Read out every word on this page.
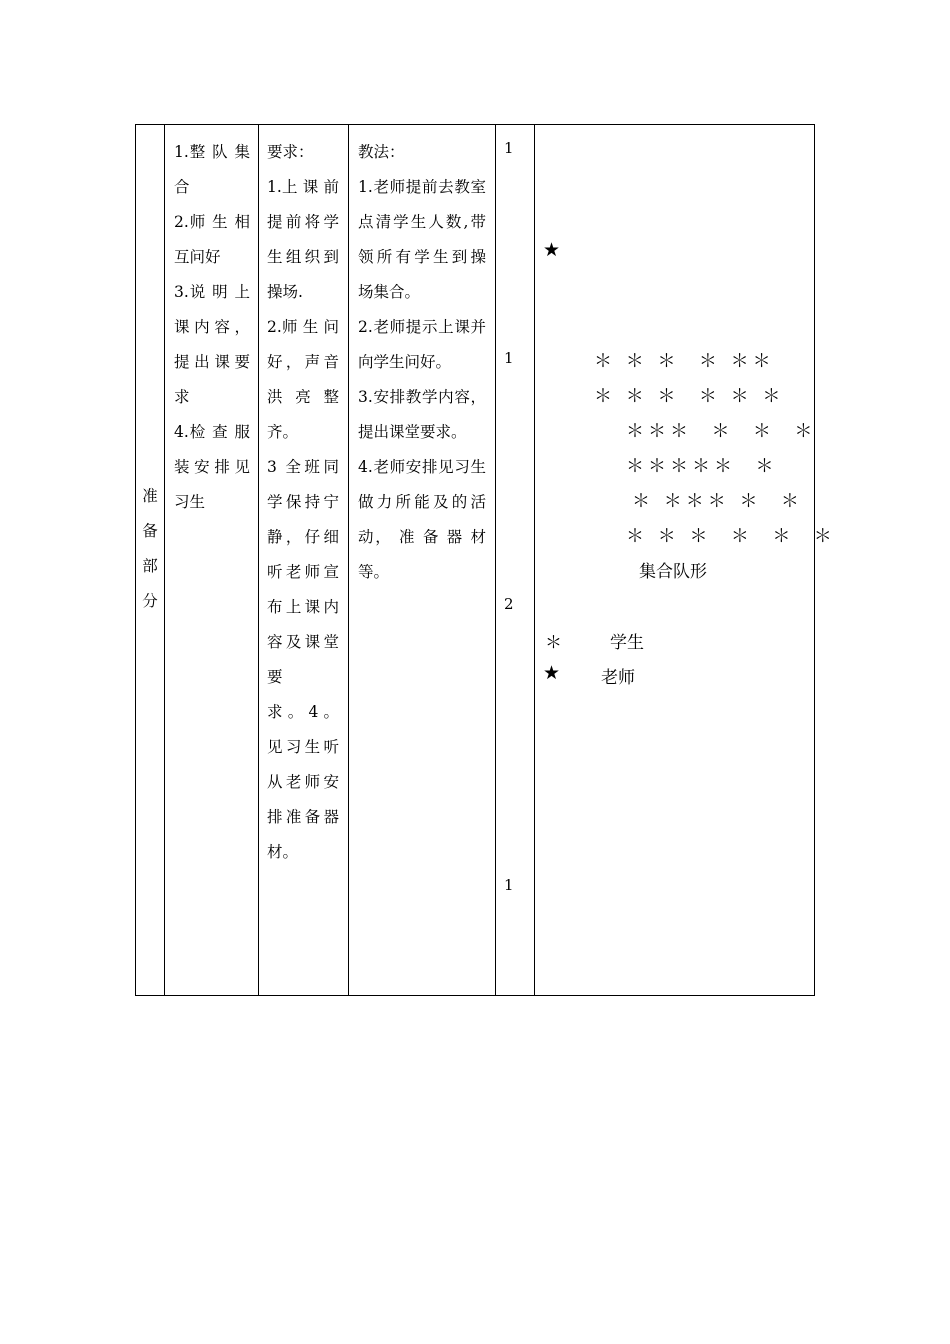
准
备
部
分

1.整 队 集

合

2.师 生 相

互问好

3.说 明 上

课内容，

提出课要

求

4.检 查 服

装安排见

习生

要求：

1.上 课 前

提前将学

生组织到

操场.

2.师 生 问

好，声音

洪 亮 整

齐。

3 全班同

学保持宁

静，仔细

听老师宣

布上课内

容及课堂

要

求 。 4 。

见习生听

从老师安

排准备器

材。

教法：

1.老师提前去教室

点清学生人数,带

领所有学生到操

场集合。

2.老师提示上课并

向学生问好。

3.安排教学内容，

提出课堂要求。

4.老师安排见习生

做力所能及的活

动， 准 备 器 材

等。

1
1
2
1
★
＊ ＊ ＊  ＊ ＊＊
＊ ＊ ＊  ＊ ＊ ＊
＊＊＊  ＊  ＊  ＊
＊＊＊＊＊  ＊
＊ ＊＊＊ ＊  ＊
＊ ＊ ＊  ＊  ＊  ＊
集合队形
＊	学生
★ 老师
